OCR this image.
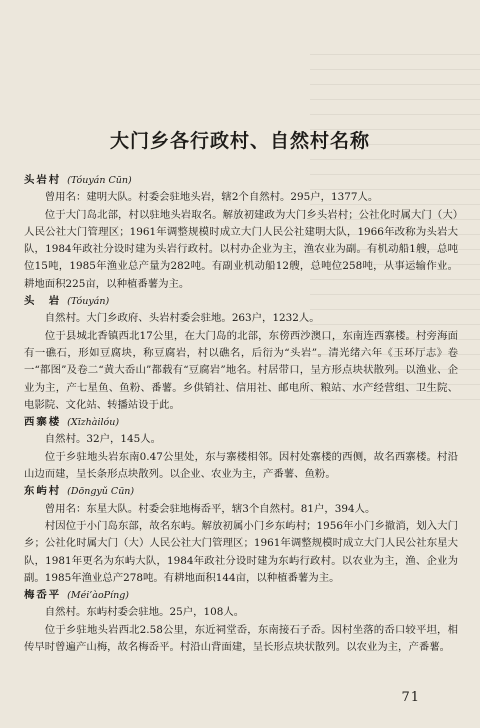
大门乡各行政村、自然村名称

头岩村 (Tóuyán Cūn)

曾用名：建明大队。村委会驻地头岩，辖2个自然村。295户，1377人。

位于大门岛北部，村以驻地头岩取名。解放初建政为大门乡头岩村；公社化时属大门（大）人民公社大门管理区；1961年调整规模时成立大门人民公社建明大队，1966年改称为头岩大队，1984年政社分设时建为头岩行政村。以村办企业为主，渔农业为副。有机动船1艘，总吨位15吨，1985年渔业总产量为282吨。有副业机动船12艘，总吨位258吨，从事运输作业。耕地面积225亩，以种植番薯为主。

头　岩 (Tóuyán)

自然村。大门乡政府、头岩村委会驻地。263户，1232人。

位于县城北香镇西北17公里，在大门岛的北部，东傍西沙澳口，东南连西寨楼。村旁海面有一礁石，形如豆腐块，称豆腐岩，村以礁名，后衍为“头岩”。清光绪六年《玉环厅志》卷一“都图”及卷二“黄大岙山”都载有“豆腐岩”地名。村居带口，呈方形点块状散列。以渔业、企业为主，产七星鱼、鱼粉、番薯。乡供销社、信用社、邮电所、粮站、水产经营组、卫生院、电影院、文化站、转播站设于此。

西寨楼 (Xīzhàilóu)

自然村。32户，145人。

位于乡驻地头岩东南0.47公里处，东与寨楼相邻。因村处寨楼的西侧，故名西寨楼。村沿山边而建，呈长条形点块散列。以企业、农业为主，产番薯、鱼粉。

东屿村 (Dōngyǔ Cūn)

曾用名：东星大队。村委会驻地梅岙平，辖3个自然村。81户，394人。

村因位于小门岛东部，故名东屿。解放初属小门乡东屿村；1956年小门乡撤消，划入大门乡；公社化时属大门（大）人民公社大门管理区；1961年调整规模时成立大门人民公社东星大队，1981年更名为东屿大队，1984年政社分设时建为东屿行政村。以农业为主，渔、企业为副。1985年渔业总产278吨。有耕地面积144亩，以种植番薯为主。

梅岙平 (Méi’àoPíng)

自然村。东屿村委会驻地。25户，108人。

位于乡驻地头岩西北2.58公里，东近祠堂岙，东南接石子岙。因村坐落的岙口较平坦，相传早时曾遍产山梅，故名梅岙平。村沿山背面建，呈长形点块状散列。以农业为主，产番薯。

71
